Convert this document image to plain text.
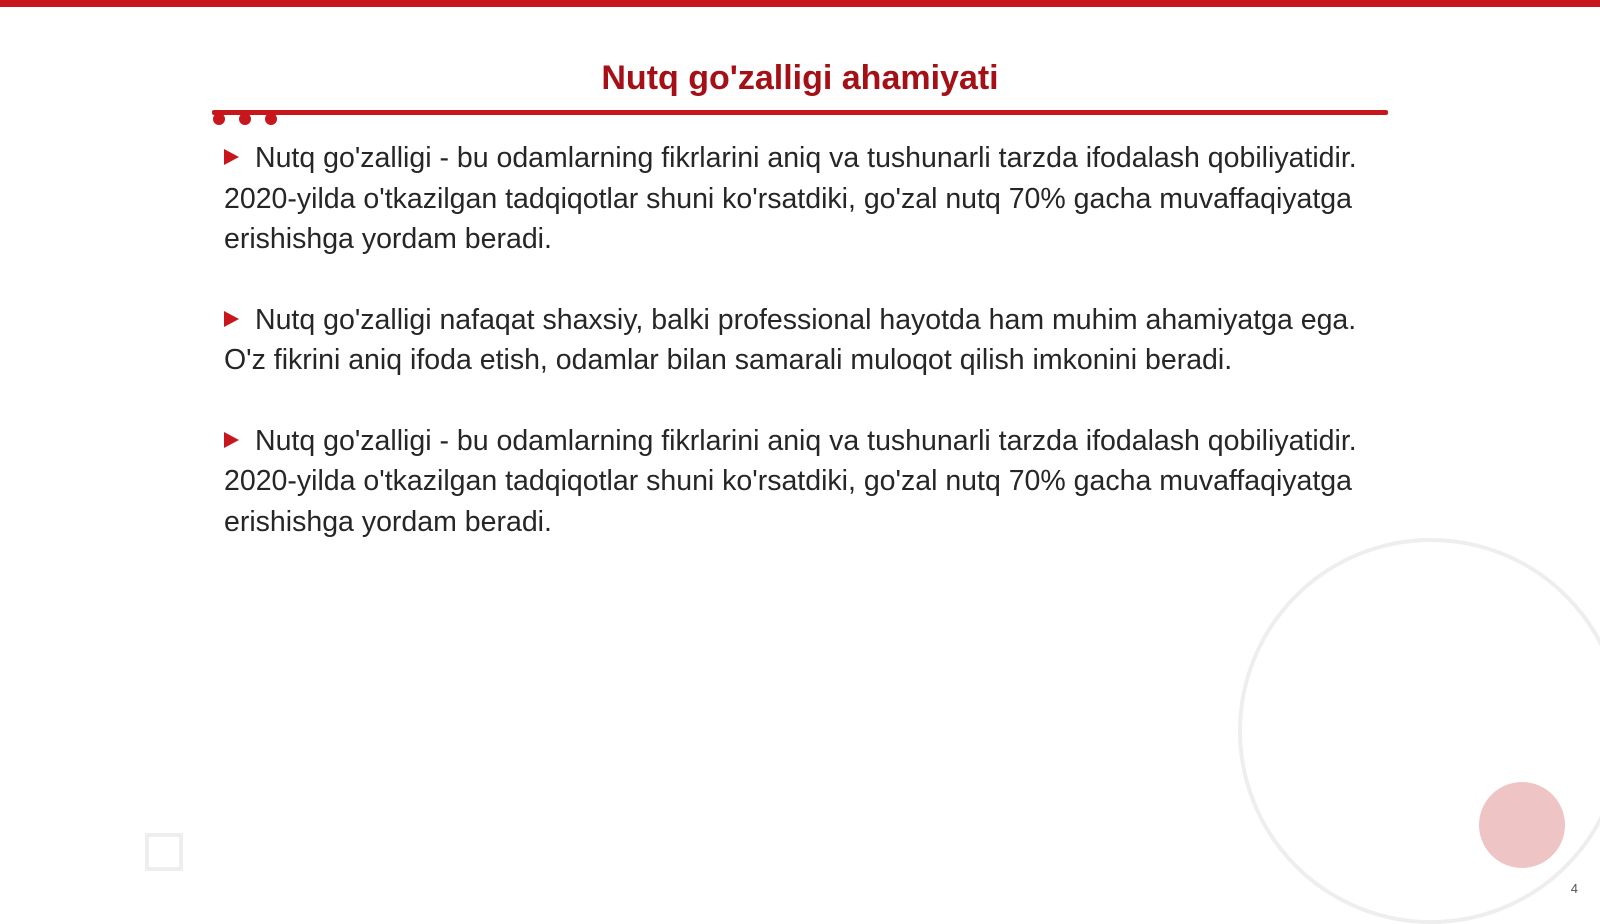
Nutq go'zalligi ahamiyati

Nutq go'zalligi - bu odamlarning fikrlarini aniq va tushunarli tarzda ifodalash qobiliyatidir. 2020-yilda o'tkazilgan tadqiqotlar shuni ko'rsatdiki, go'zal nutq 70% gacha muvaffaqiyatga erishishga yordam beradi.

Nutq go'zalligi nafaqat shaxsiy, balki professional hayotda ham muhim ahamiyatga ega. O'z fikrini aniq ifoda etish, odamlar bilan samarali muloqot qilish imkonini beradi.

Nutq go'zalligi - bu odamlarning fikrlarini aniq va tushunarli tarzda ifodalash qobiliyatidir. 2020-yilda o'tkazilgan tadqiqotlar shuni ko'rsatdiki, go'zal nutq 70% gacha muvaffaqiyatga erishishga yordam beradi.

4
